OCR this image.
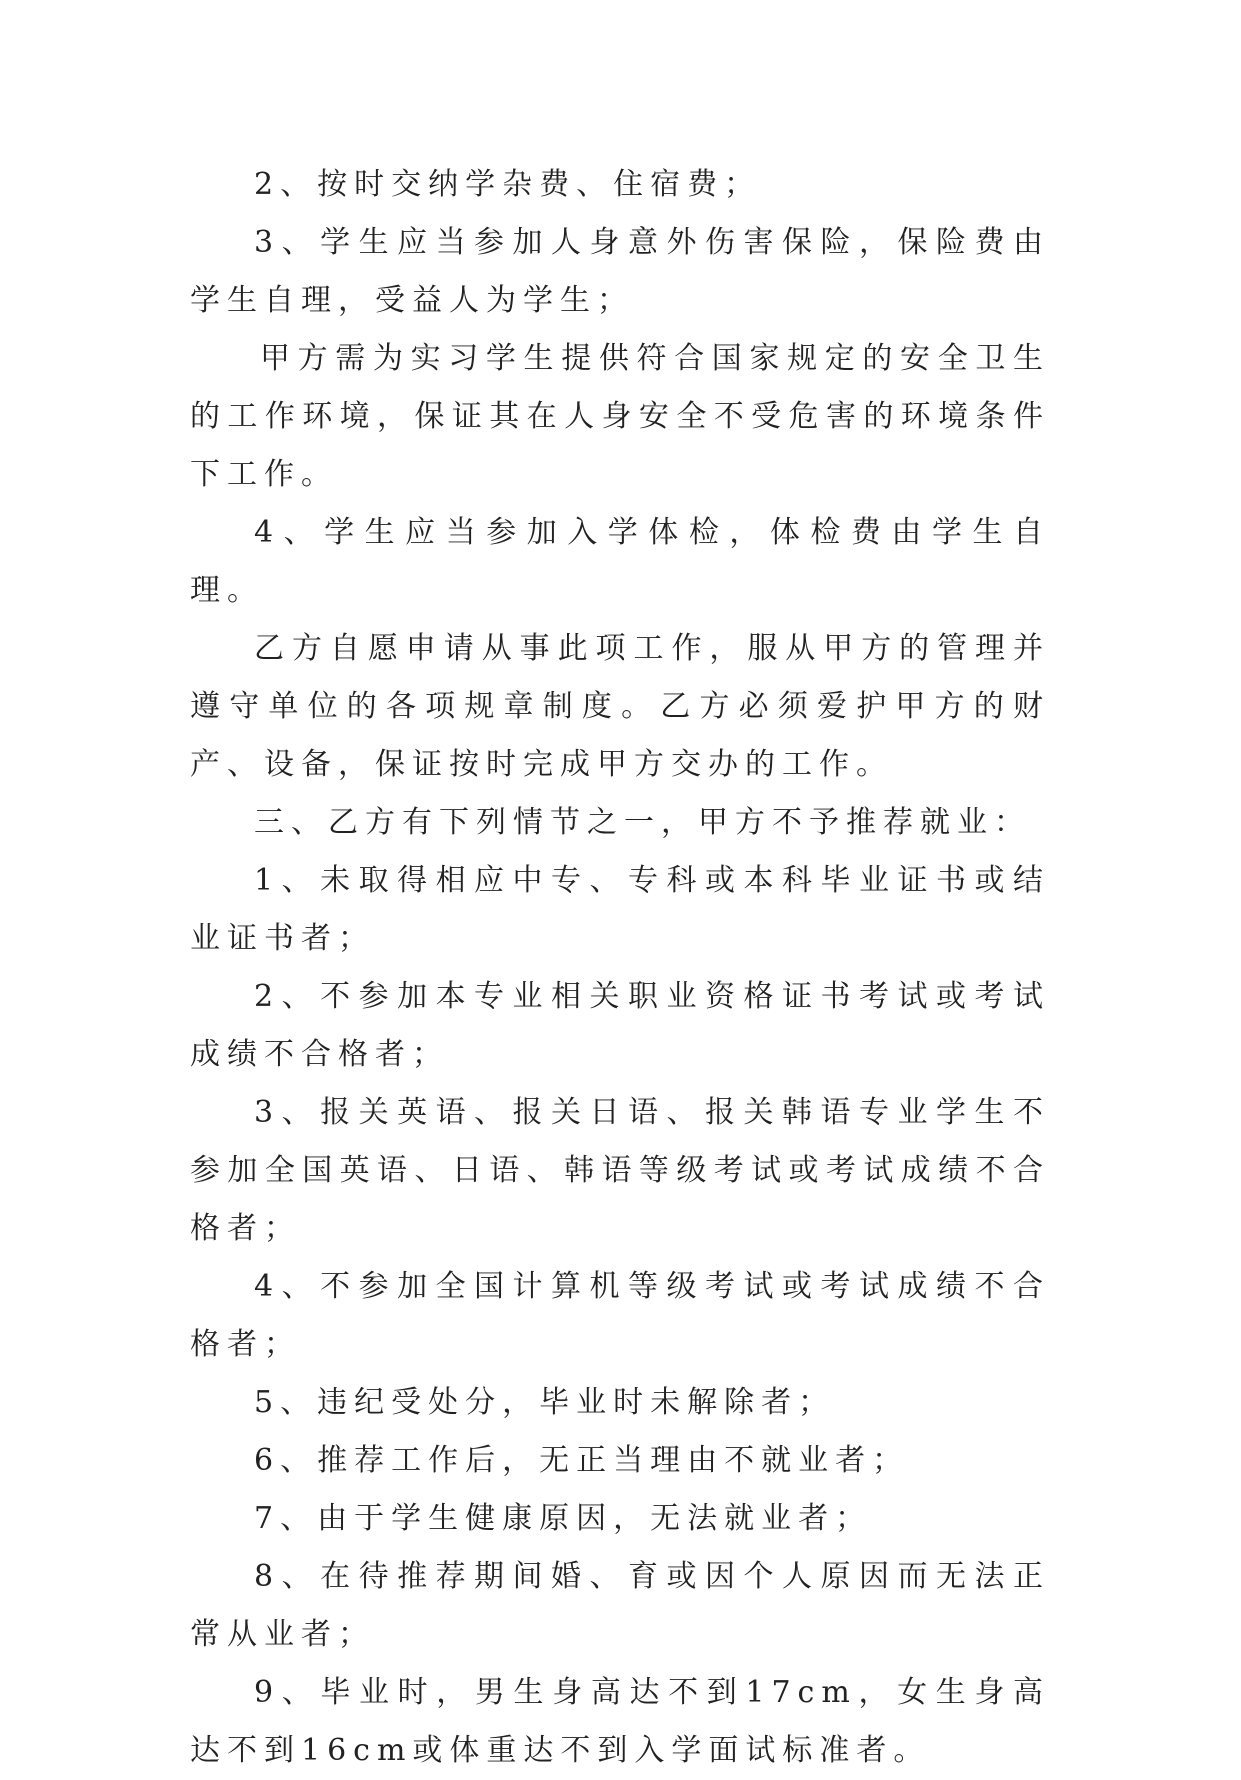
2、按时交纳学杂费、住宿费；

3、学生应当参加人身意外伤害保险，保险费由学生自理，受益人为学生；

甲方需为实习学生提供符合国家规定的安全卫生的工作环境，保证其在人身安全不受危害的环境条件下工作。

4、学生应当参加入学体检，体检费由学生自理。

乙方自愿申请从事此项工作，服从甲方的管理并遵守单位的各项规章制度。乙方必须爱护甲方的财产、设备，保证按时完成甲方交办的工作。

三、乙方有下列情节之一，甲方不予推荐就业：

1、未取得相应中专、专科或本科毕业证书或结业证书者；

2、不参加本专业相关职业资格证书考试或考试成绩不合格者；

3、报关英语、报关日语、报关韩语专业学生不参加全国英语、日语、韩语等级考试或考试成绩不合格者；

4、不参加全国计算机等级考试或考试成绩不合格者；

5、违纪受处分，毕业时未解除者；

6、推荐工作后，无正当理由不就业者；

7、由于学生健康原因，无法就业者；

8、在待推荐期间婚、育或因个人原因而无法正常从业者；

9、毕业时，男生身高达不到17cm，女生身高达不到16cm或体重达不到入学面试标准者。
